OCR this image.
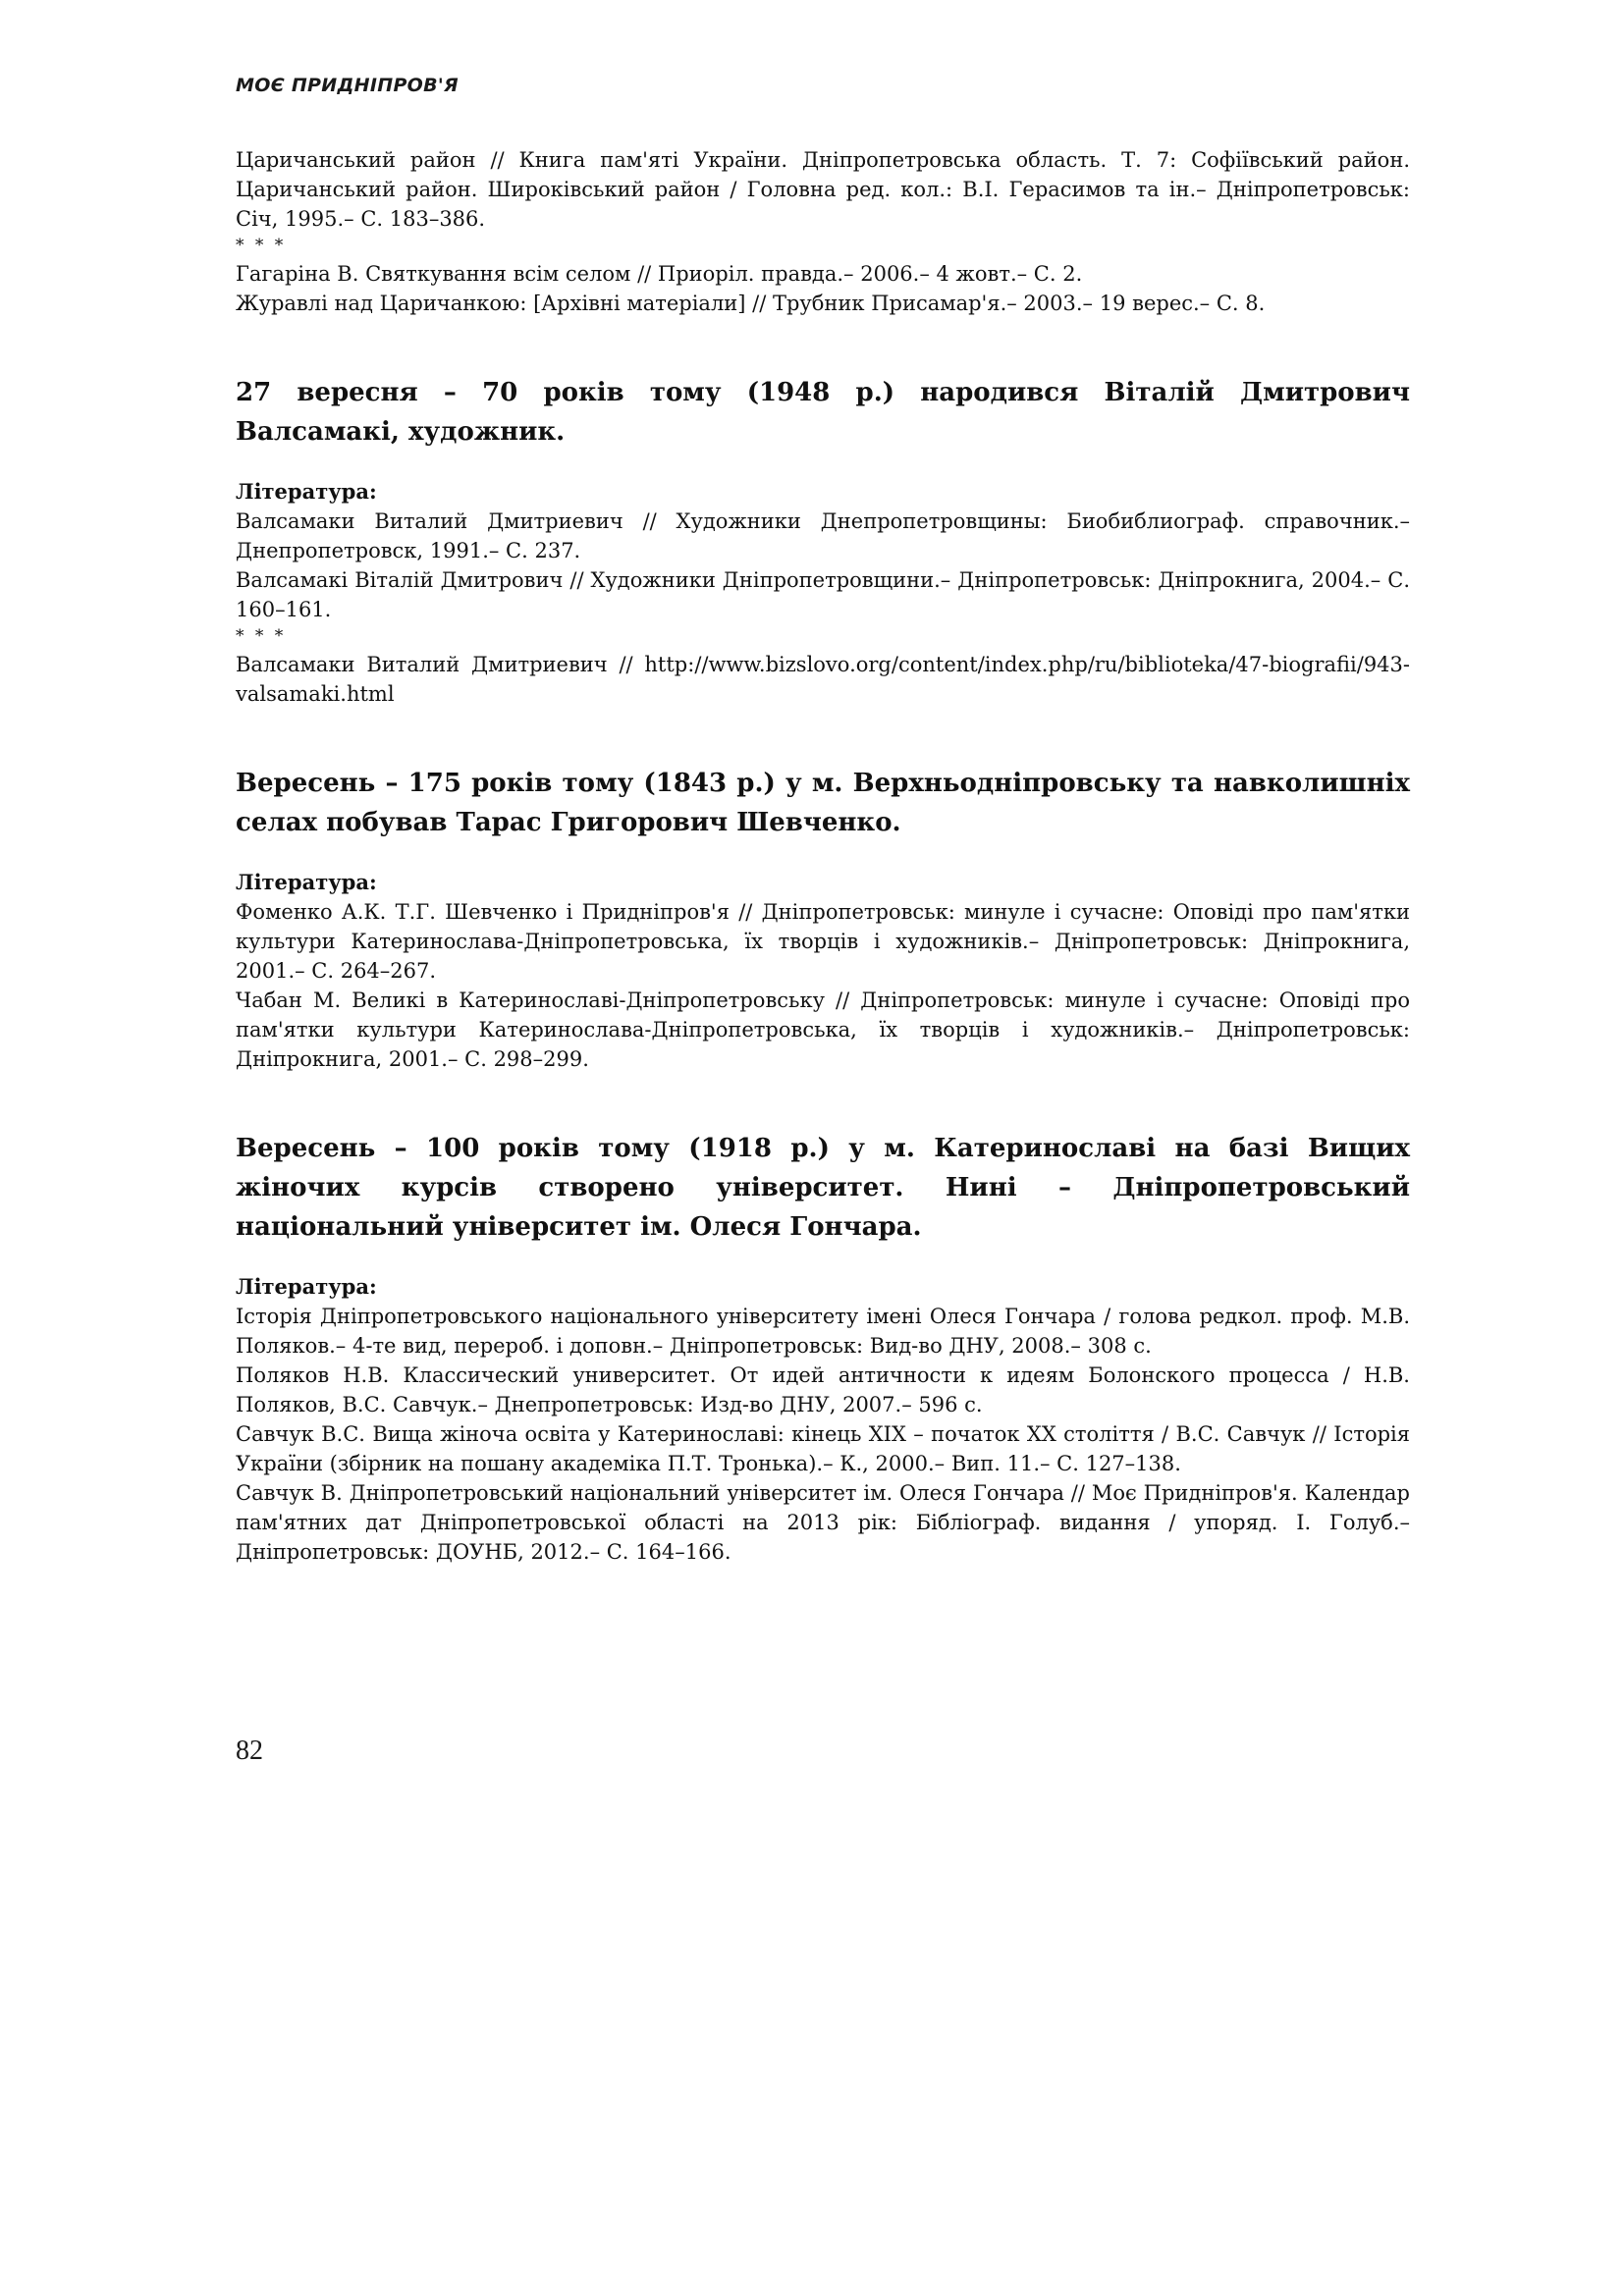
МОЄ ПРИДНІПРОВ'Я

Царичанський район // Книга пам'яті України. Дніпропетровська область. Т. 7: Софіївський район. Царичанський район. Широківський район / Головна ред. кол.: В.І. Герасимов та ін.– Дніпропетровськ: Січ, 1995.– С. 183–386.

* * *

Гагаріна В. Святкування всім селом // Приоріл. правда.– 2006.– 4 жовт.– С. 2.

Журавлі над Царичанкою: [Архівні матеріали] // Трубник Присамар'я.– 2003.– 19 верес.– С. 8.

27 вересня – 70 років тому (1948 р.) народився Віталій Дмитрович Валсамакі, художник.

Література:

Валсамаки Виталий Дмитриевич // Художники Днепропетровщины: Биобиблиограф. справочник.– Днепропетровск, 1991.– С. 237.

Валсамакі Віталій Дмитрович // Художники Дніпропетровщини.– Дніпропетровськ: Дніпрокнига, 2004.– С. 160–161.

* * *

Валсамаки Виталий Дмитриевич // http://www.bizslovo.org/content/index.php/ru/biblioteka/47-biografii/943-valsamaki.html

Вересень – 175 років тому (1843 р.) у м. Верхньодніпровську та навколишніх селах побував Тарас Григорович Шевченко.

Література:

Фоменко А.К. Т.Г. Шевченко і Придніпров'я // Дніпропетровськ: минуле і сучасне: Оповіді про пам'ятки культури Катеринослава-Дніпропетровська, їх творців і художників.– Дніпропетровськ: Дніпрокнига, 2001.– С. 264–267.

Чабан М. Великі в Катеринославі-Дніпропетровську // Дніпропетровськ: минуле і сучасне: Оповіді про пам'ятки культури Катеринослава-Дніпропетровська, їх творців і художників.– Дніпропетровськ: Дніпрокнига, 2001.– С. 298–299.

Вересень – 100 років тому (1918 р.) у м. Катеринославі на базі Вищих жіночих курсів створено університет. Нині – Дніпропетровський національний університет ім. Олеся Гончара.

Література:

Історія Дніпропетровського національного університету імені Олеся Гончара / голова редкол. проф. М.В. Поляков.– 4-те вид, перероб. і доповн.– Дніпропетровськ: Вид-во ДНУ, 2008.– 308 с.

Поляков Н.В. Классический университет. От идей античности к идеям Болонского процесса / Н.В. Поляков, В.С. Савчук.– Днепропетровськ: Изд-во ДНУ, 2007.– 596 с.

Савчук В.С. Вища жіноча освіта у Катеринославі: кінець XIX – початок XX століття / В.С. Савчук // Історія України (збірник на пошану академіка П.Т. Тронька).– К., 2000.– Вип. 11.– С. 127–138.

Савчук В. Дніпропетровський національний університет ім. Олеся Гончара // Моє Придніпров'я. Календар пам'ятних дат Дніпропетровської області на 2013 рік: Бібліограф. видання / упоряд. І. Голуб.– Дніпропетровськ: ДОУНБ, 2012.– С. 164–166.

82
